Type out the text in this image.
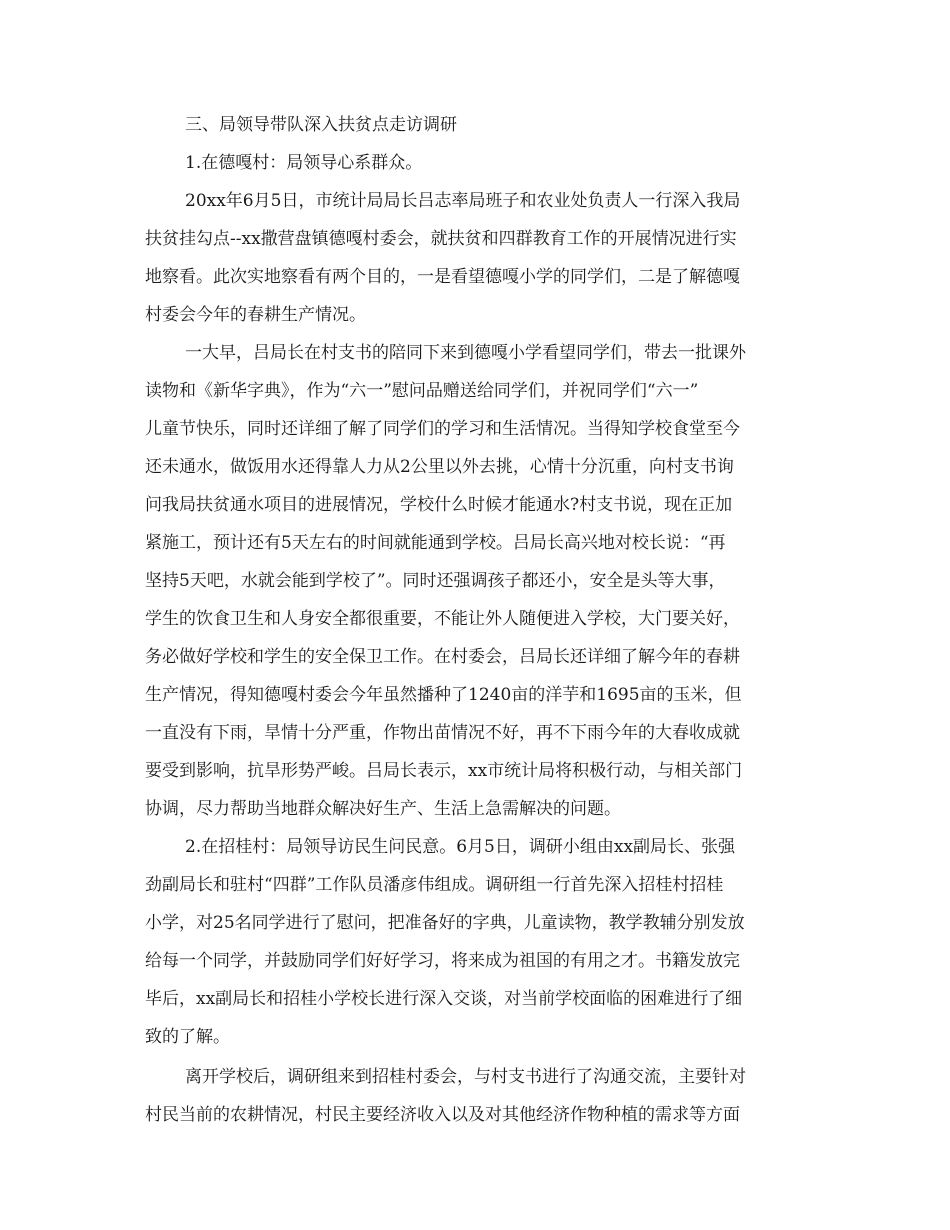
三、局领导带队深入扶贫点走访调研
1.在德嘎村：局领导心系群众。
20xx年6月5日，市统计局局长吕志率局班子和农业处负责人一行深入我局
扶贫挂勾点--xx撒营盘镇德嘎村委会，就扶贫和四群教育工作的开展情况进行实
地察看。此次实地察看有两个目的，一是看望德嘎小学的同学们，二是了解德嘎
村委会今年的春耕生产情况。
一大早，吕局长在村支书的陪同下来到德嘎小学看望同学们，带去一批课外
读物和《新华字典》，作为“六一”慰问品赠送给同学们，并祝同学们“六一”
儿童节快乐，同时还详细了解了同学们的学习和生活情况。当得知学校食堂至今
还未通水，做饭用水还得靠人力从2公里以外去挑，心情十分沉重，向村支书询
问我局扶贫通水项目的进展情况，学校什么时候才能通水?村支书说，现在正加
紧施工，预计还有5天左右的时间就能通到学校。吕局长高兴地对校长说：“再
坚持5天吧，水就会能到学校了”。同时还强调孩子都还小，安全是头等大事，
学生的饮食卫生和人身安全都很重要，不能让外人随便进入学校，大门要关好，
务必做好学校和学生的安全保卫工作。在村委会，吕局长还详细了解今年的春耕
生产情况，得知德嘎村委会今年虽然播种了1240亩的洋芋和1695亩的玉米，但
一直没有下雨，旱情十分严重，作物出苗情况不好，再不下雨今年的大春收成就
要受到影响，抗旱形势严峻。吕局长表示，xx市统计局将积极行动，与相关部门
协调，尽力帮助当地群众解决好生产、生活上急需解决的问题。
2.在招桂村：局领导访民生问民意。6月5日，调研小组由xx副局长、张强
劲副局长和驻村“四群”工作队员潘彦伟组成。调研组一行首先深入招桂村招桂
小学，对25名同学进行了慰问，把准备好的字典，儿童读物，教学教辅分别发放
给每一个同学，并鼓励同学们好好学习，将来成为祖国的有用之才。书籍发放完
毕后，xx副局长和招桂小学校长进行深入交谈，对当前学校面临的困难进行了细
致的了解。
离开学校后，调研组来到招桂村委会，与村支书进行了沟通交流，主要针对
村民当前的农耕情况，村民主要经济收入以及对其他经济作物种植的需求等方面
